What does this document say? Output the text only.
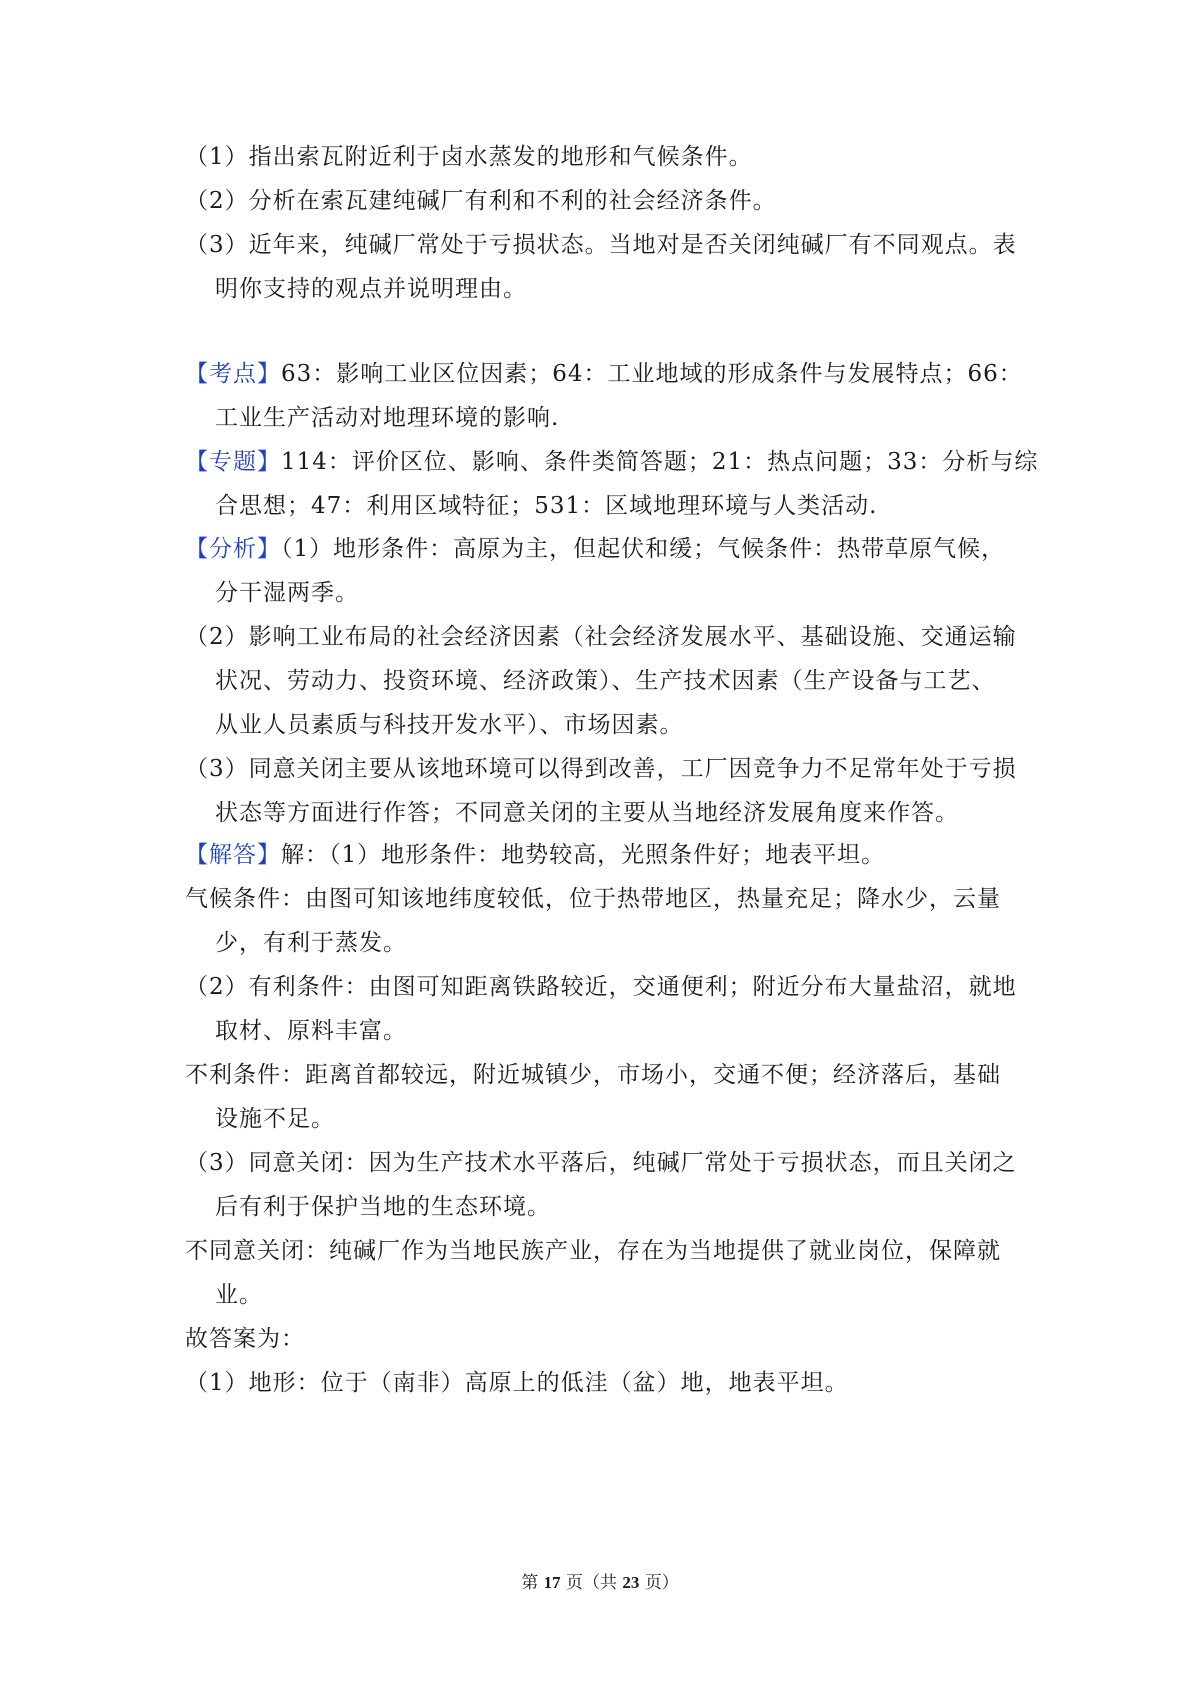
（1）指出索瓦附近利于卤水蒸发的地形和气候条件。
（2）分析在索瓦建纯碱厂有利和不利的社会经济条件。
（3）近年来，纯碱厂常处于亏损状态。当地对是否关闭纯碱厂有不同观点。表
明你支持的观点并说明理由。
【考点】63：影响工业区位因素；64：工业地域的形成条件与发展特点；66：
工业生产活动对地理环境的影响.
【专题】114：评价区位、影响、条件类简答题；21：热点问题；33：分析与综
合思想；47：利用区域特征；531：区域地理环境与人类活动.
【分析】（1）地形条件：高原为主，但起伏和缓；气候条件：热带草原气候，
分干湿两季。
（2）影响工业布局的社会经济因素（社会经济发展水平、基础设施、交通运输
状况、劳动力、投资环境、经济政策）、生产技术因素（生产设备与工艺、
从业人员素质与科技开发水平）、市场因素。
（3）同意关闭主要从该地环境可以得到改善，工厂因竞争力不足常年处于亏损
状态等方面进行作答；不同意关闭的主要从当地经济发展角度来作答。
【解答】解：（1）地形条件：地势较高，光照条件好；地表平坦。
气候条件：由图可知该地纬度较低，位于热带地区，热量充足；降水少，云量
少，有利于蒸发。
（2）有利条件：由图可知距离铁路较近，交通便利；附近分布大量盐沼，就地
取材、原料丰富。
不利条件：距离首都较远，附近城镇少，市场小，交通不便；经济落后，基础
设施不足。
（3）同意关闭：因为生产技术水平落后，纯碱厂常处于亏损状态，而且关闭之
后有利于保护当地的生态环境。
不同意关闭：纯碱厂作为当地民族产业，存在为当地提供了就业岗位，保障就
业。
故答案为：
（1）地形：位于（南非）高原上的低洼（盆）地，地表平坦。
第 17 页（共 23 页）
